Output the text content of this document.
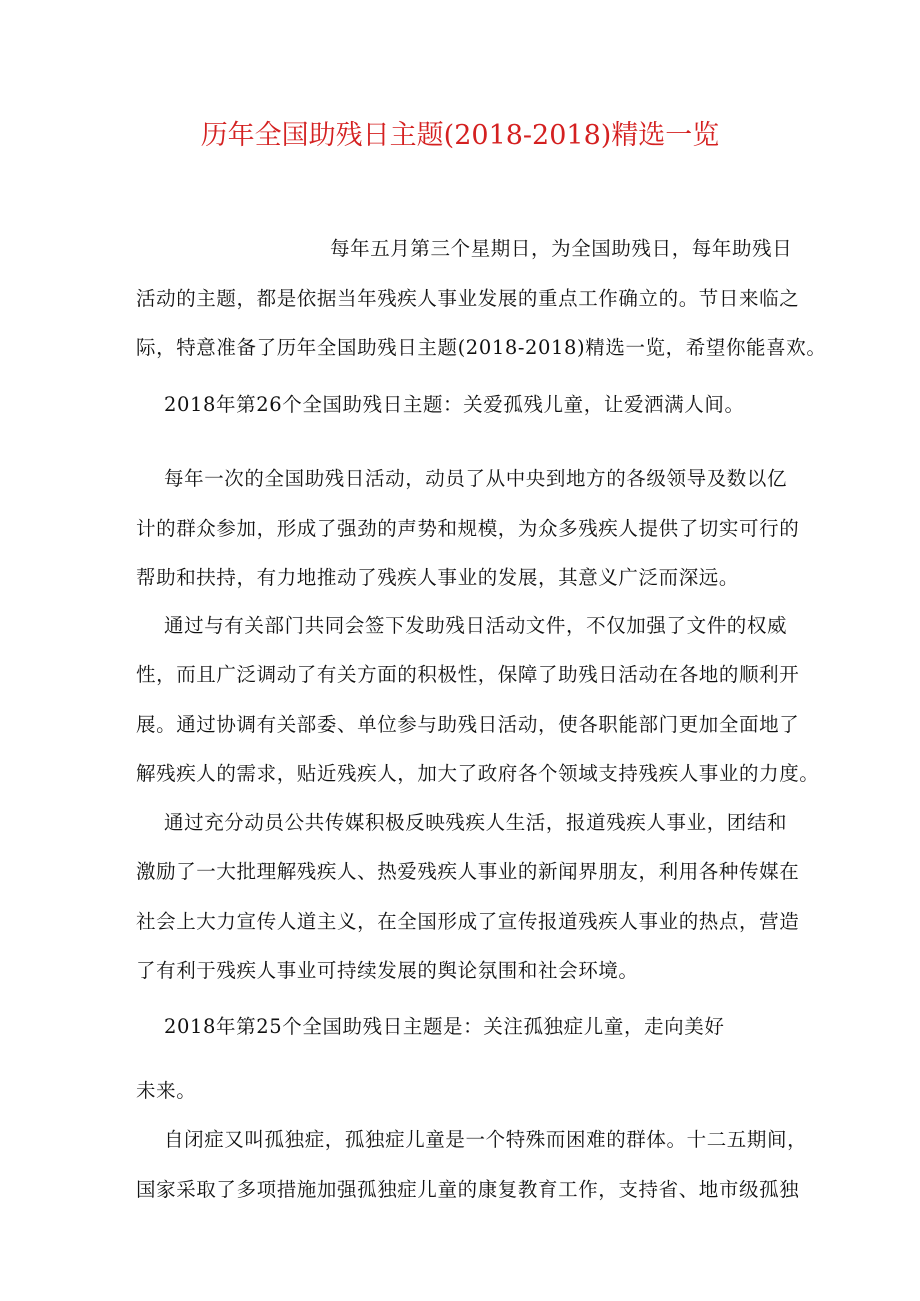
历年全国助残日主题(2018-2018)精选一览
每年五月第三个星期日，为全国助残日，每年助残日
活动的主题，都是依据当年残疾人事业发展的重点工作确立的。节日来临之
际，特意准备了历年全国助残日主题(2018-2018)精选一览，希望你能喜欢。
2018年第26个全国助残日主题：关爱孤残儿童，让爱洒满人间。
每年一次的全国助残日活动，动员了从中央到地方的各级领导及数以亿
计的群众参加，形成了强劲的声势和规模，为众多残疾人提供了切实可行的
帮助和扶持，有力地推动了残疾人事业的发展，其意义广泛而深远。
通过与有关部门共同会签下发助残日活动文件，不仅加强了文件的权威
性，而且广泛调动了有关方面的积极性，保障了助残日活动在各地的顺利开
展。通过协调有关部委、单位参与助残日活动，使各职能部门更加全面地了
解残疾人的需求，贴近残疾人，加大了政府各个领域支持残疾人事业的力度。
通过充分动员公共传媒积极反映残疾人生活，报道残疾人事业，团结和
激励了一大批理解残疾人、热爱残疾人事业的新闻界朋友，利用各种传媒在
社会上大力宣传人道主义，在全国形成了宣传报道残疾人事业的热点，营造
了有利于残疾人事业可持续发展的舆论氛围和社会环境。
2018年第25个全国助残日主题是：关注孤独症儿童，走向美好
未来。
自闭症又叫孤独症，孤独症儿童是一个特殊而困难的群体。十二五期间，
国家采取了多项措施加强孤独症儿童的康复教育工作，支持省、地市级孤独
